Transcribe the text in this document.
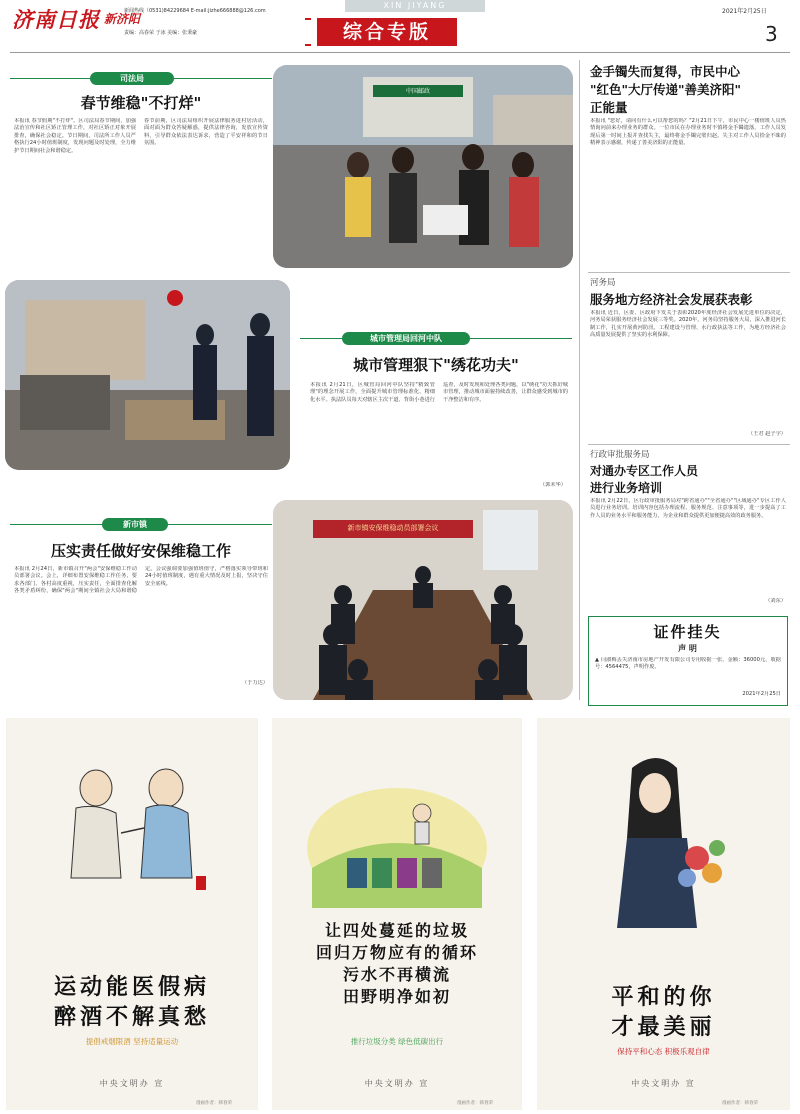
济南日报 新济阳
新闻热线（0531)84229684 E-mail:jizhe666888@126.com
责编：高春荣 于冰 美编：张秉豪
XIN JIYANG
综合专版
2021年2月25日
3
司法局
春节维稳"不打烊"
本报讯 春节假期"不打烊"。区司法局春节期间，加强法治宣传和社区矫正管理工作，对社区矫正对象开展排查，确保社会稳定。节日期间，司法所工作人员严格执行24小时值班制度，发现问题及时处理，全力维护节日期间社会和谐稳定。
春节前期，区司法局组织开展法律服务进村居活动，面对面为群众答疑解惑，提供法律咨询，发放宣传资料，引导群众依法表达诉求，营造了平安祥和的节日氛围。
中国邮政
城市管理局回河中队
城市管理狠下"绣花功夫"
本报讯 2月21日，区城管局回河中队坚持"精致管理"的理念开展工作，全面提升城市管理标准化、精细化水平。执法队员每天对辖区主次干道、背街小巷进行巡查，及时发现和处理各类问题，以"绣花"功夫抓好城市管理，推动城市面貌持续改善，让群众感受到城市的干净整洁和有序。
（郭未华）
新市镇
压实责任做好安保维稳工作
本报讯 2月24日，新市镇召开"两会"安保维稳工作动员部署会议。会上，详细布置安保维稳工作任务，要求各部门、各村高度重视，压实责任，全面排查化解各类矛盾纠纷，确保"两会"期间全镇社会大局和谐稳定。会议强调要加强值班值守，严格落实领导带班和24小时值班制度，遇有重大情况及时上报，坚决守住安全底线。
（于力达）
新市镇安保维稳动员部署会议
金手镯失而复得，市民中心
"红色"大厅传递"善美济阳"
正能量
本报讯 "您好，请问有什么可以帮您的吗？"2月21日下午，市民中心一楼值班人员热情询问前来办理业务的群众。一位市民在办理业务时不慎将金手镯遗落，工作人员发现后第一时间上报并查找失主，最终将金手镯完璧归赵。失主对工作人员拾金不昧的精神表示感谢，传递了善美济阳的正能量。
河务局
服务地方经济社会发展获表彰
本报讯 近日，区委、区政府下发关于表彰2020年度经济社会发展先进单位的决定，河务局荣获服务经济社会发展三等奖。2020年，河务局坚持服务大局，深入推进河长制工作，扎实开展黄河防汛、工程建设与管理、水行政执法等工作，为地方经济社会高质量发展提供了坚实的水利保障。
（王君 赵子宇）
行政审批服务局
对通办专区工作人员
进行业务培训
本报讯 2月22日，区行政审批服务局对"跨省通办""全省通办""区域通办"专区工作人员进行业务培训。培训内容包括办理流程、服务规范、注意事项等，进一步提高了工作人员的业务水平和服务能力，为企业和群众提供更加便捷高效的政务服务。
（刘东）
证件挂失
声 明
▲ 闫淑梅丢失济南市房地产开发有限公司专用收据一张，金额：36000元，收据号：4564475，声明作废。
2021年2月25日
运动能医假病
醉酒不解真愁
提倡戒烟限酒 坚持适量运动
中央文明办 宣
漫画作者：韩春荣
让四处蔓延的垃圾
回归万物应有的循环
污水不再横流
田野明净如初
推行垃圾分类 绿色低碳出行
中央文明办 宣
漫画作者：韩春荣
平和的你
才最美丽
保持平和心态 积极乐观自律
中央文明办 宣
漫画作者：韩春荣
